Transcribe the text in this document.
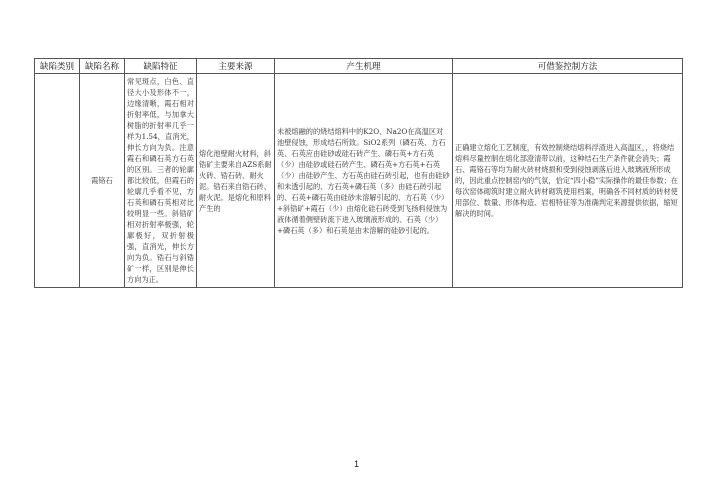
缺陷类别	缺陷名称	缺陷特征	主要来源	产生机理	可借鉴控制方法
	霞铬石	常见斑点，白色、直径大小及形体不一，边缘清晰，霞石相对折射率低，与加拿大树脂的折射率几乎一样为1.54，直消光，伸长方向为负。注意霞石和磷石英方石英的区别。三者的轮廓都比较低，但霞石的轮廓几乎看不见，方石英和磷石英相对比较明显一些。斜锆矿相对折射率极强，轮廓极好，双折射极强，直消光，伸长方向为负。锆石与斜锆矿一样，区别是伸长方向为正。	熔化池壁耐火材料，斜锆矿主要来自AZS系耐火砖、锆石砖、耐火泥。锆石来自锆石砖、耐火泥。是熔化和原料产生的	未被熔融的的烧结熔料中的K2O、Na2O在高温区对池壁侵蚀，形成结石所致。SiO2系列（磷石英、方石英、石英应由硅砂或硅石砖产生、磷石英+方石英（少）由硅砂或硅石砖产生、磷石英+方石英+石英（少）由硅砂产生、方石英由硅石砖引起，也有由硅砂和未透引起的、方石英+磷石英（多）由硅石砖引起的、石英+磷石英由硅砂未溶解引起的、方石英（少）+斜锆矿+霞石（少）由熔化硅石砖受到飞扬料侵蚀为液体循着侧壁砖流下进入玻璃液形成的、石英（少）+磷石英（多）和石英是由未溶解的硅砂引起的。	正确建立熔化工艺制度，有效控制烧结熔料浮渣进入高温区，，将烧结熔料尽量控制在熔化部澄清带以前，这种结石生产条件就会消失；霞石、霞铬石等均为耐火砖材烧损和受到侵蚀剥落后进入玻璃液所形成的，因此重点控制窑内的气氛，恰定“四小稳”实际操作的最佳参数；在每次窑体砌筑时建立耐火砖材砌筑使用档案，明确各不同材质的砖材使用部位、数量、形体构造、岩相特征等为准确判定来源提供依据，缩短解决的时间。
1
